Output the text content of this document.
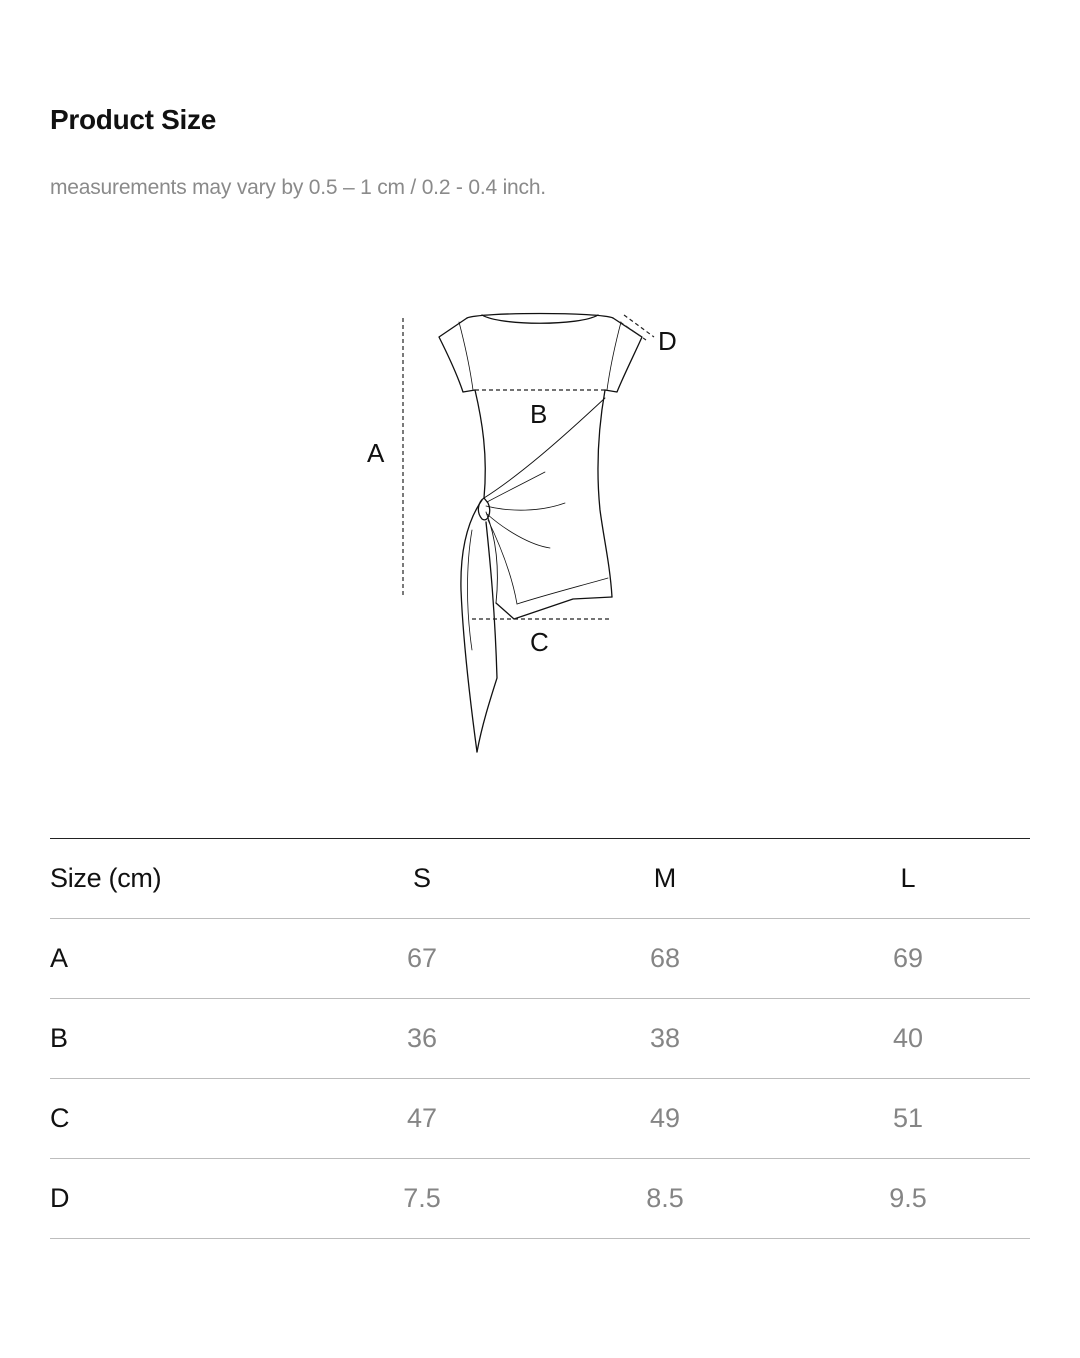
Product Size
measurements may vary by 0.5 – 1 cm / 0.2 - 0.4 inch.
A
B
C
D
Size (cm)	S	M	L
A	67	68	69
B	36	38	40
C	47	49	51
D	7.5	8.5	9.5
